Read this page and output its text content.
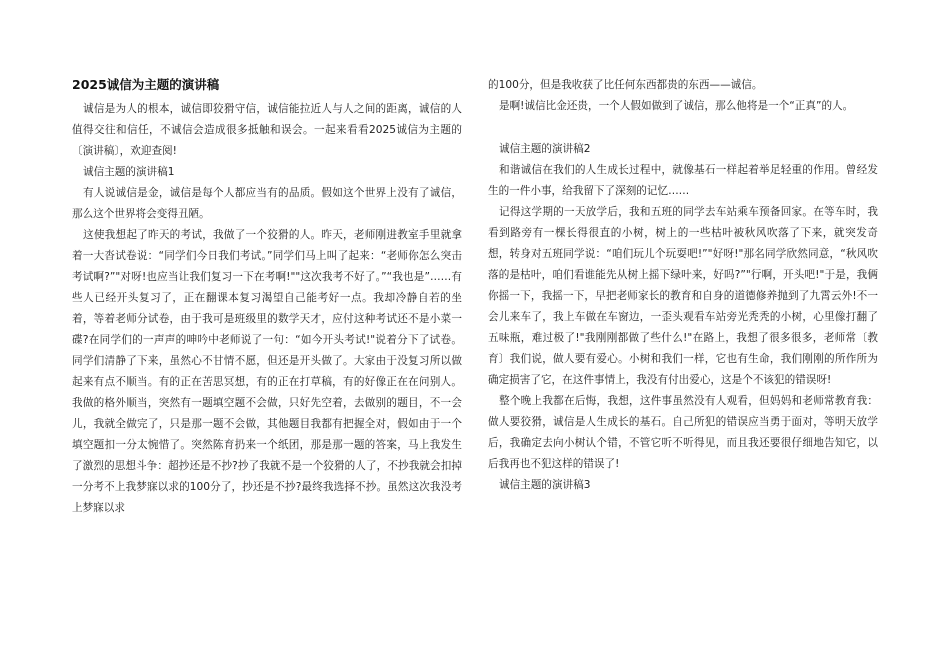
2025诚信为主题的演讲稿

诚信是为人的根本，诚信即狡猾守信，诚信能拉近人与人之间的距离，诚信的人值得交往和信任，不诚信会造成很多抵触和误会。一起来看看2025诚信为主题的〔演讲稿〕，欢迎查阅!

诚信主题的演讲稿1

有人说诚信是金，诚信是每个人都应当有的品质。假如这个世界上没有了诚信，那么这个世界将会变得丑陋。

这使我想起了昨天的考试，我做了一个狡猾的人。昨天，老师刚进教室手里就拿着一大沓试卷说：“同学们今日我们考试。”同学们马上叫了起来：“老师你怎么突击考试啊?”"对呀!也应当让我们复习一下在考啊!""这次我考不好了。”“我也是”……有些人已经开头复习了，正在翻课本复习渴望自己能考好一点。我却冷静自若的坐着，等着老师分试卷，由于我可是班级里的数学天才，应付这种考试还不是小菜一碟?在同学们的一声声的呻吟中老师说了一句：“如今开头考试!"说着分下了试卷。同学们清静了下来，虽然心不甘情不愿，但还是开头做了。大家由于没复习所以做起来有点不顺当。有的正在苦思冥想，有的正在打草稿，有的好像正在在问别人。我做的格外顺当，突然有一题填空题不会做，只好先空着，去做别的题目，不一会儿，我就全做完了，只是那一题不会做，其他题目我都有把握全对，假如由于一个填空题扣一分太惋惜了。突然陈育扔来一个纸团，那是那一题的答案，马上我发生了激烈的思想斗争：超抄还是不抄?抄了我就不是一个狡猾的人了，不抄我就会扣掉一分考不上我梦寐以求的100分了，抄还是不抄?最终我选择不抄。虽然这次我没考上梦寐以求

的100分，但是我收获了比任何东西都贵的东西——诚信。

是啊!诚信比金还贵，一个人假如做到了诚信，那么他将是一个“正真”的人。

诚信主题的演讲稿2

和谐诚信在我们的人生成长过程中，就像基石一样起着举足轻重的作用。曾经发生的一件小事，给我留下了深刻的记忆……

记得这学期的一天放学后，我和五班的同学去车站乘车预备回家。在等车时，我看到路旁有一棵长得很直的小树，树上的一些枯叶被秋风吹落了下来，就突发奇想，转身对五班同学说：“咱们玩儿个玩耍吧!”"好呀!"那名同学欣然同意，“秋风吹落的是枯叶，咱们看谁能先从树上摇下绿叶来，好吗?”"行啊，开头吧!"于是，我俩你摇一下，我摇一下，早把老师家长的教育和自身的道德修养抛到了九霄云外!不一会儿来车了，我上车做在车窗边，一歪头观看车站旁光秃秃的小树，心里像打翻了五味瓶，难过极了!"我刚刚都做了些什么!"在路上，我想了很多很多，老师常〔教育〕我们说，做人要有爱心。小树和我们一样，它也有生命，我们刚刚的所作所为确定损害了它，在这件事情上，我没有付出爱心，这是个不该犯的错误呀!

整个晚上我都在后悔，我想，这件事虽然没有人观看，但妈妈和老师常教育我：做人要狡猾，诚信是人生成长的基石。自己所犯的错误应当勇于面对，等明天放学后，我确定去向小树认个错，不管它听不听得见，而且我还要很仔细地告知它，以后我再也不犯这样的错误了!

诚信主题的演讲稿3
